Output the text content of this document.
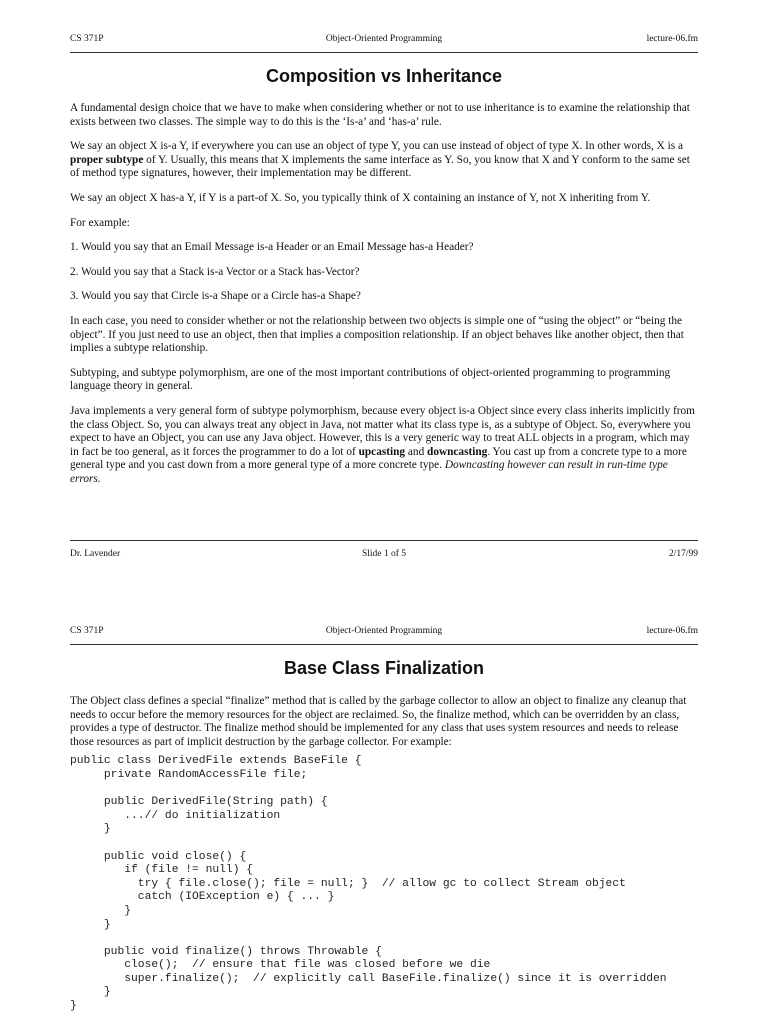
CS 371P	Object-Oriented Programming	lecture-06.fm
Composition vs Inheritance

A fundamental design choice that we have to make when considering whether or not to use inheritance is to examine the relationship that exists between two classes. The simple way to do this is the ‘Is-a’ and ‘has-a’ rule.

We say an object X is-a Y, if everywhere you can use an object of type Y, you can use instead of object of type X. In other words, X is a proper subtype of Y. Usually, this means that X implements the same interface as Y. So, you know that X and Y conform to the same set of method type signatures, however, their implementation may be different.

We say an object X has-a Y, if Y is a part-of X. So, you typically think of X containing an instance of Y, not X inheriting from Y.

For example:

1. Would you say that an Email Message is-a Header or an Email Message has-a Header?
2. Would you say that a Stack is-a Vector or a Stack has-Vector?
3. Would you say that Circle is-a Shape or a Circle has-a Shape?

In each case, you need to consider whether or not the relationship between two objects is simple one of “using the object” or “being the object”. If you just need to use an object, then that implies a composition relationship. If an object behaves like another object, then that implies a subtype relationship.

Subtyping, and subtype polymorphism, are one of the most important contributions of object-oriented programming to programming language theory in general.

Java implements a very general form of subtype polymorphism, because every object is-a Object since every class inherits implicitly from the class Object. So, you can always treat any object in Java, not matter what its class type is, as a subtype of Object. So, everywhere you expect to have an Object, you can use any Java object. However, this is a very generic way to treat ALL objects in a program, which may in fact be too general, as it forces the programmer to do a lot of upcasting and downcasting. You cast up from a concrete type to a more general type and you cast down from a more general type of a more concrete type. Downcasting however can result in run-time type errors.

Dr. Lavender	Slide 1 of 5	2/17/99
CS 371P	Object-Oriented Programming	lecture-06.fm
Base Class Finalization

The Object class defines a special “finalize” method that is called by the garbage collector to allow an object to finalize any cleanup that needs to occur before the memory resources for the object are reclaimed. So, the finalize method, which can be overridden by an class, provides a type of destructor. The finalize method should be implemented for any class that uses system resources and needs to release those resources as part of implicit destruction by the garbage collector. For example:

public class DerivedFile extends BaseFile {
private RandomAccessFile file;

public DerivedFile(String path) {
...// do initialization
}

public void close() {
if (file != null) {
try { file.close(); file = null; }  // allow gc to collect Stream object
catch (IOException e) { ... }
}
}

public void finalize() throws Throwable {
close();  // ensure that file was closed before we die
super.finalize();  // explicitly call BaseFile.finalize() since it is overridden
}
}
